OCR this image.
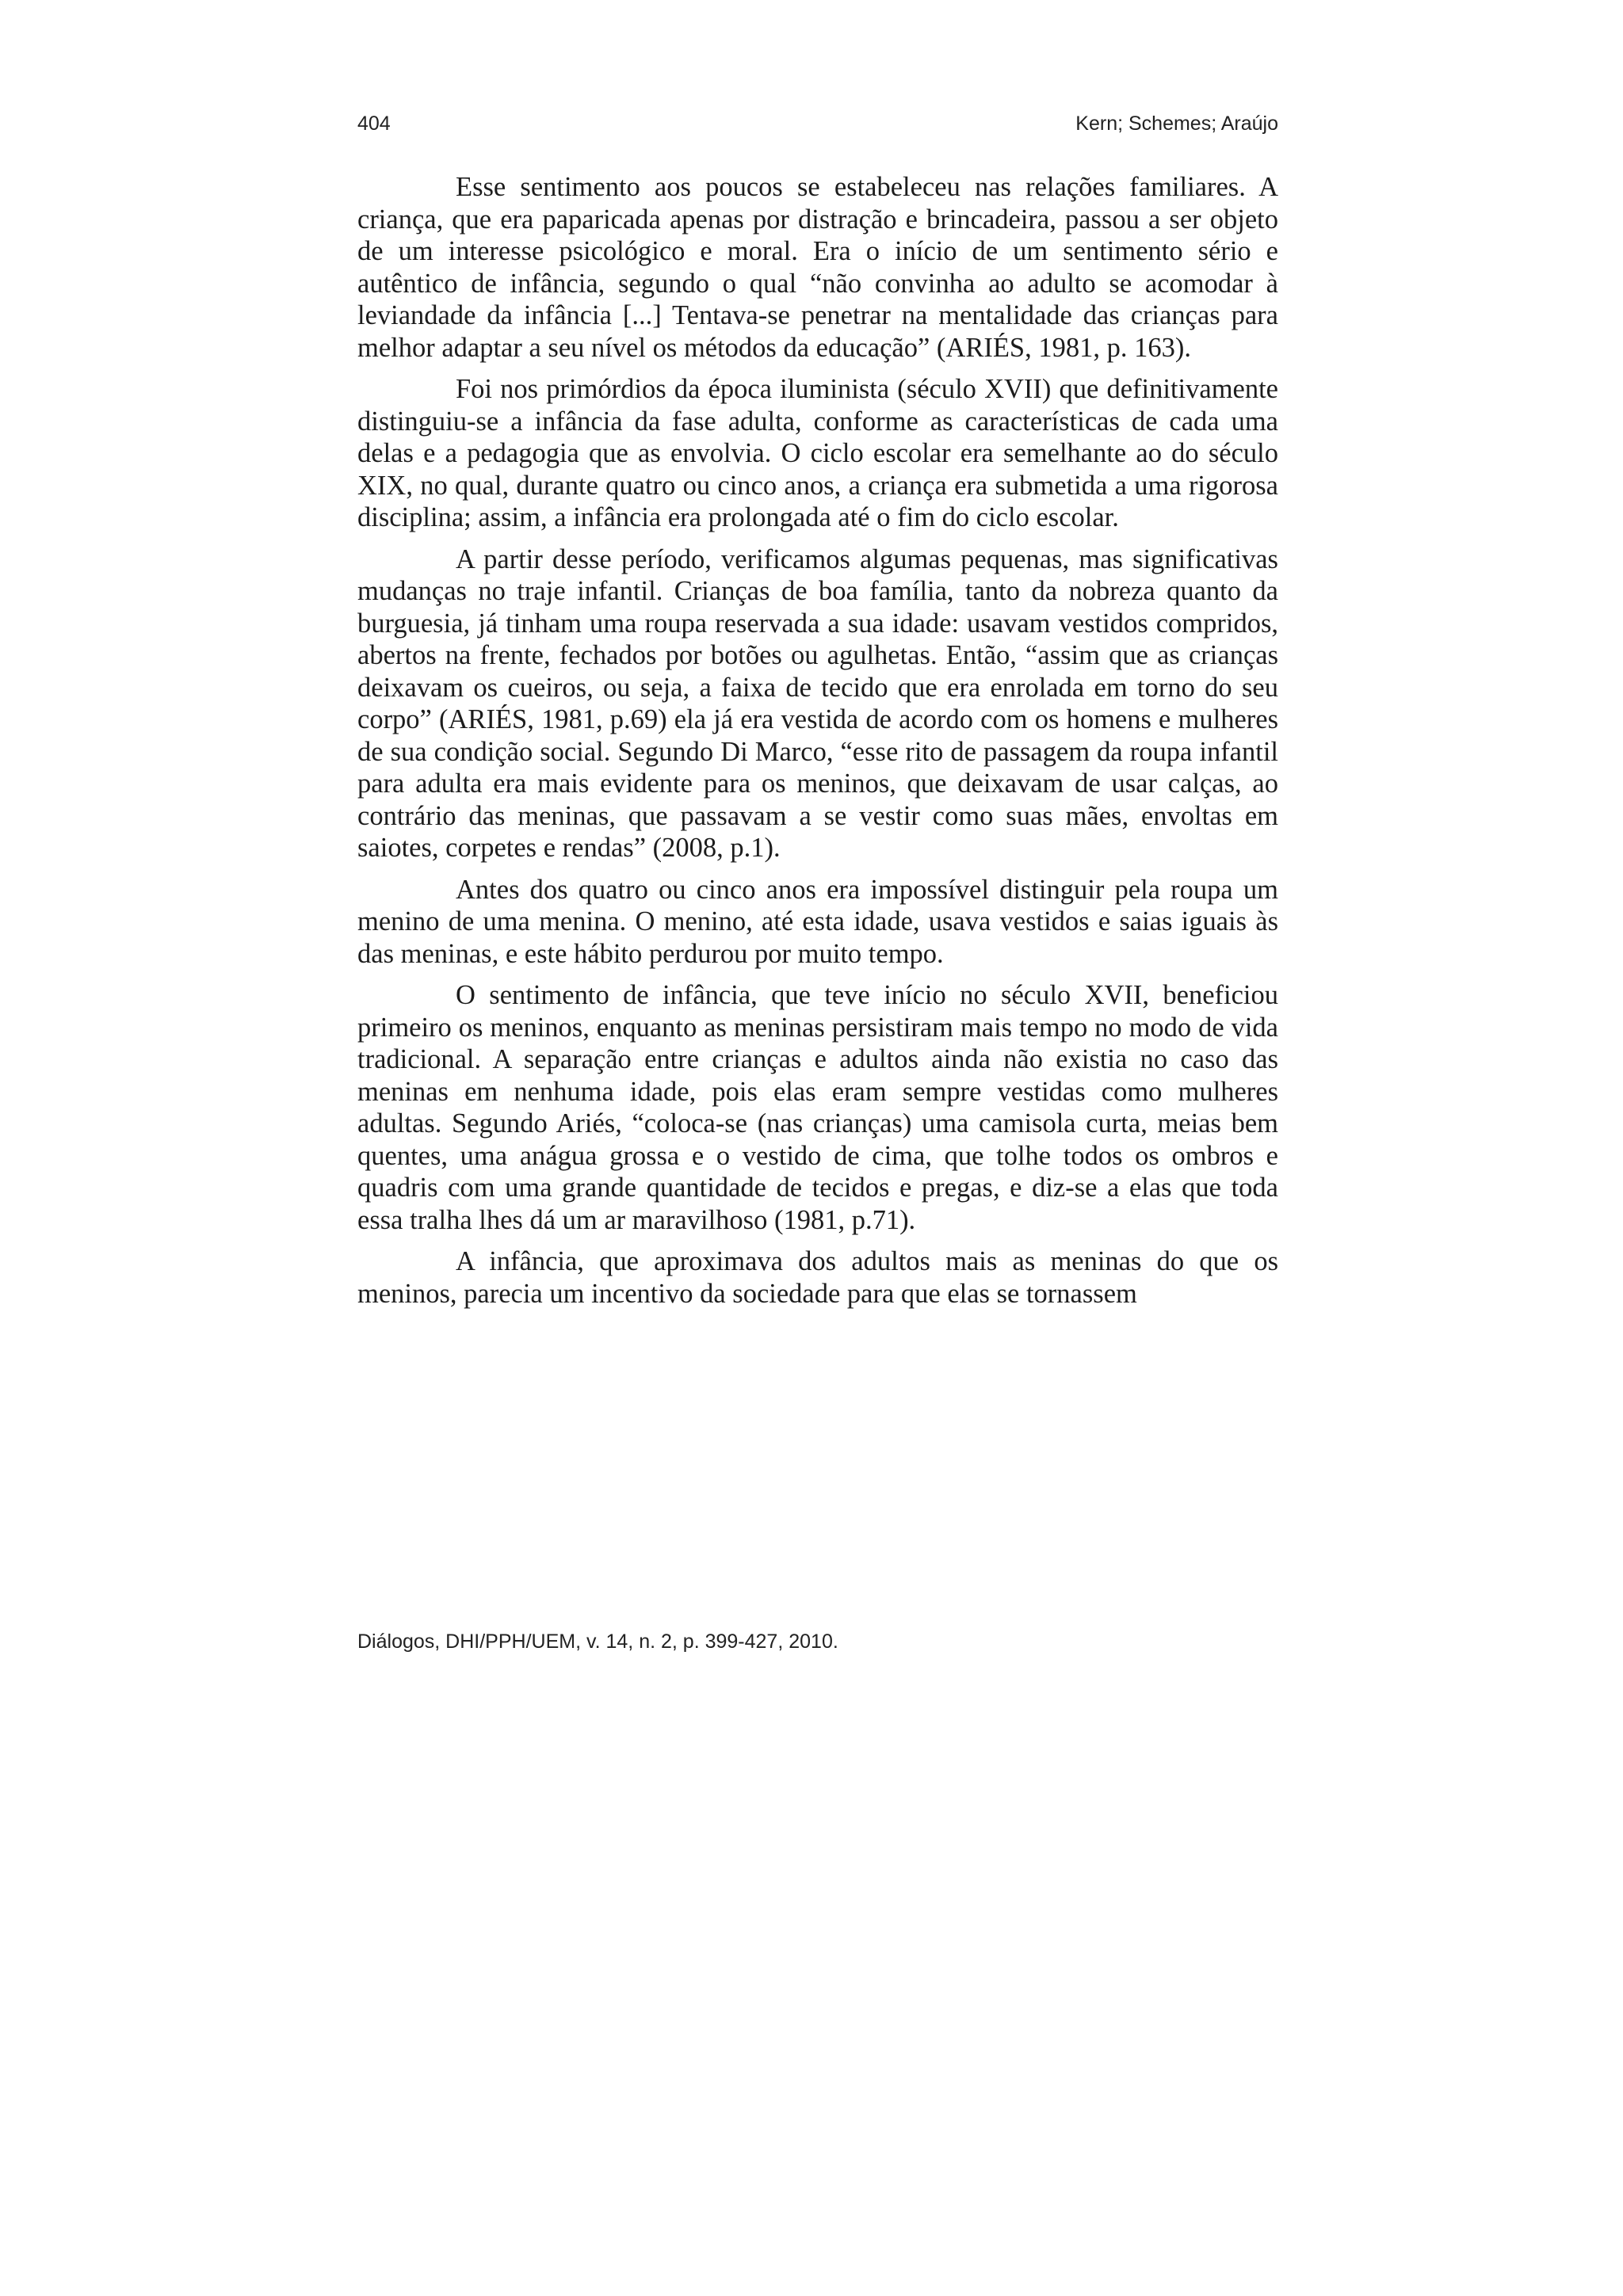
404	Kern; Schemes; Araújo

Esse sentimento aos poucos se estabeleceu nas relações familiares. A criança, que era paparicada apenas por distração e brincadeira, passou a ser objeto de um interesse psicológico e moral. Era o início de um sentimento sério e autêntico de infância, segundo o qual “não convinha ao adulto se acomodar à leviandade da infância [...] Tentava-se penetrar na mentalidade das crianças para melhor adaptar a seu nível os métodos da educação” (ARIÉS, 1981, p. 163).

Foi nos primórdios da época iluminista (século XVII) que definitivamente distinguiu-se a infância da fase adulta, conforme as características de cada uma delas e a pedagogia que as envolvia. O ciclo escolar era semelhante ao do século XIX, no qual, durante quatro ou cinco anos, a criança era submetida a uma rigorosa disciplina; assim, a infância era prolongada até o fim do ciclo escolar.

A partir desse período, verificamos algumas pequenas, mas significativas mudanças no traje infantil. Crianças de boa família, tanto da nobreza quanto da burguesia, já tinham uma roupa reservada a sua idade: usavam vestidos compridos, abertos na frente, fechados por botões ou agulhetas. Então, “assim que as crianças deixavam os cueiros, ou seja, a faixa de tecido que era enrolada em torno do seu corpo” (ARIÉS, 1981, p.69) ela já era vestida de acordo com os homens e mulheres de sua condição social. Segundo Di Marco, “esse rito de passagem da roupa infantil para adulta era mais evidente para os meninos, que deixavam de usar calças, ao contrário das meninas, que passavam a se vestir como suas mães, envoltas em saiotes, corpetes e rendas” (2008, p.1).

Antes dos quatro ou cinco anos era impossível distinguir pela roupa um menino de uma menina. O menino, até esta idade, usava vestidos e saias iguais às das meninas, e este hábito perdurou por muito tempo.

O sentimento de infância, que teve início no século XVII, beneficiou primeiro os meninos, enquanto as meninas persistiram mais tempo no modo de vida tradicional. A separação entre crianças e adultos ainda não existia no caso das meninas em nenhuma idade, pois elas eram sempre vestidas como mulheres adultas. Segundo Ariés, “coloca-se (nas crianças) uma camisola curta, meias bem quentes, uma anágua grossa e o vestido de cima, que tolhe todos os ombros e quadris com uma grande quantidade de tecidos e pregas, e diz-se a elas que toda essa tralha lhes dá um ar maravilhoso (1981, p.71).

A infância, que aproximava dos adultos mais as meninas do que os meninos, parecia um incentivo da sociedade para que elas se tornassem

Diálogos, DHI/PPH/UEM, v. 14, n. 2, p. 399-427, 2010.
